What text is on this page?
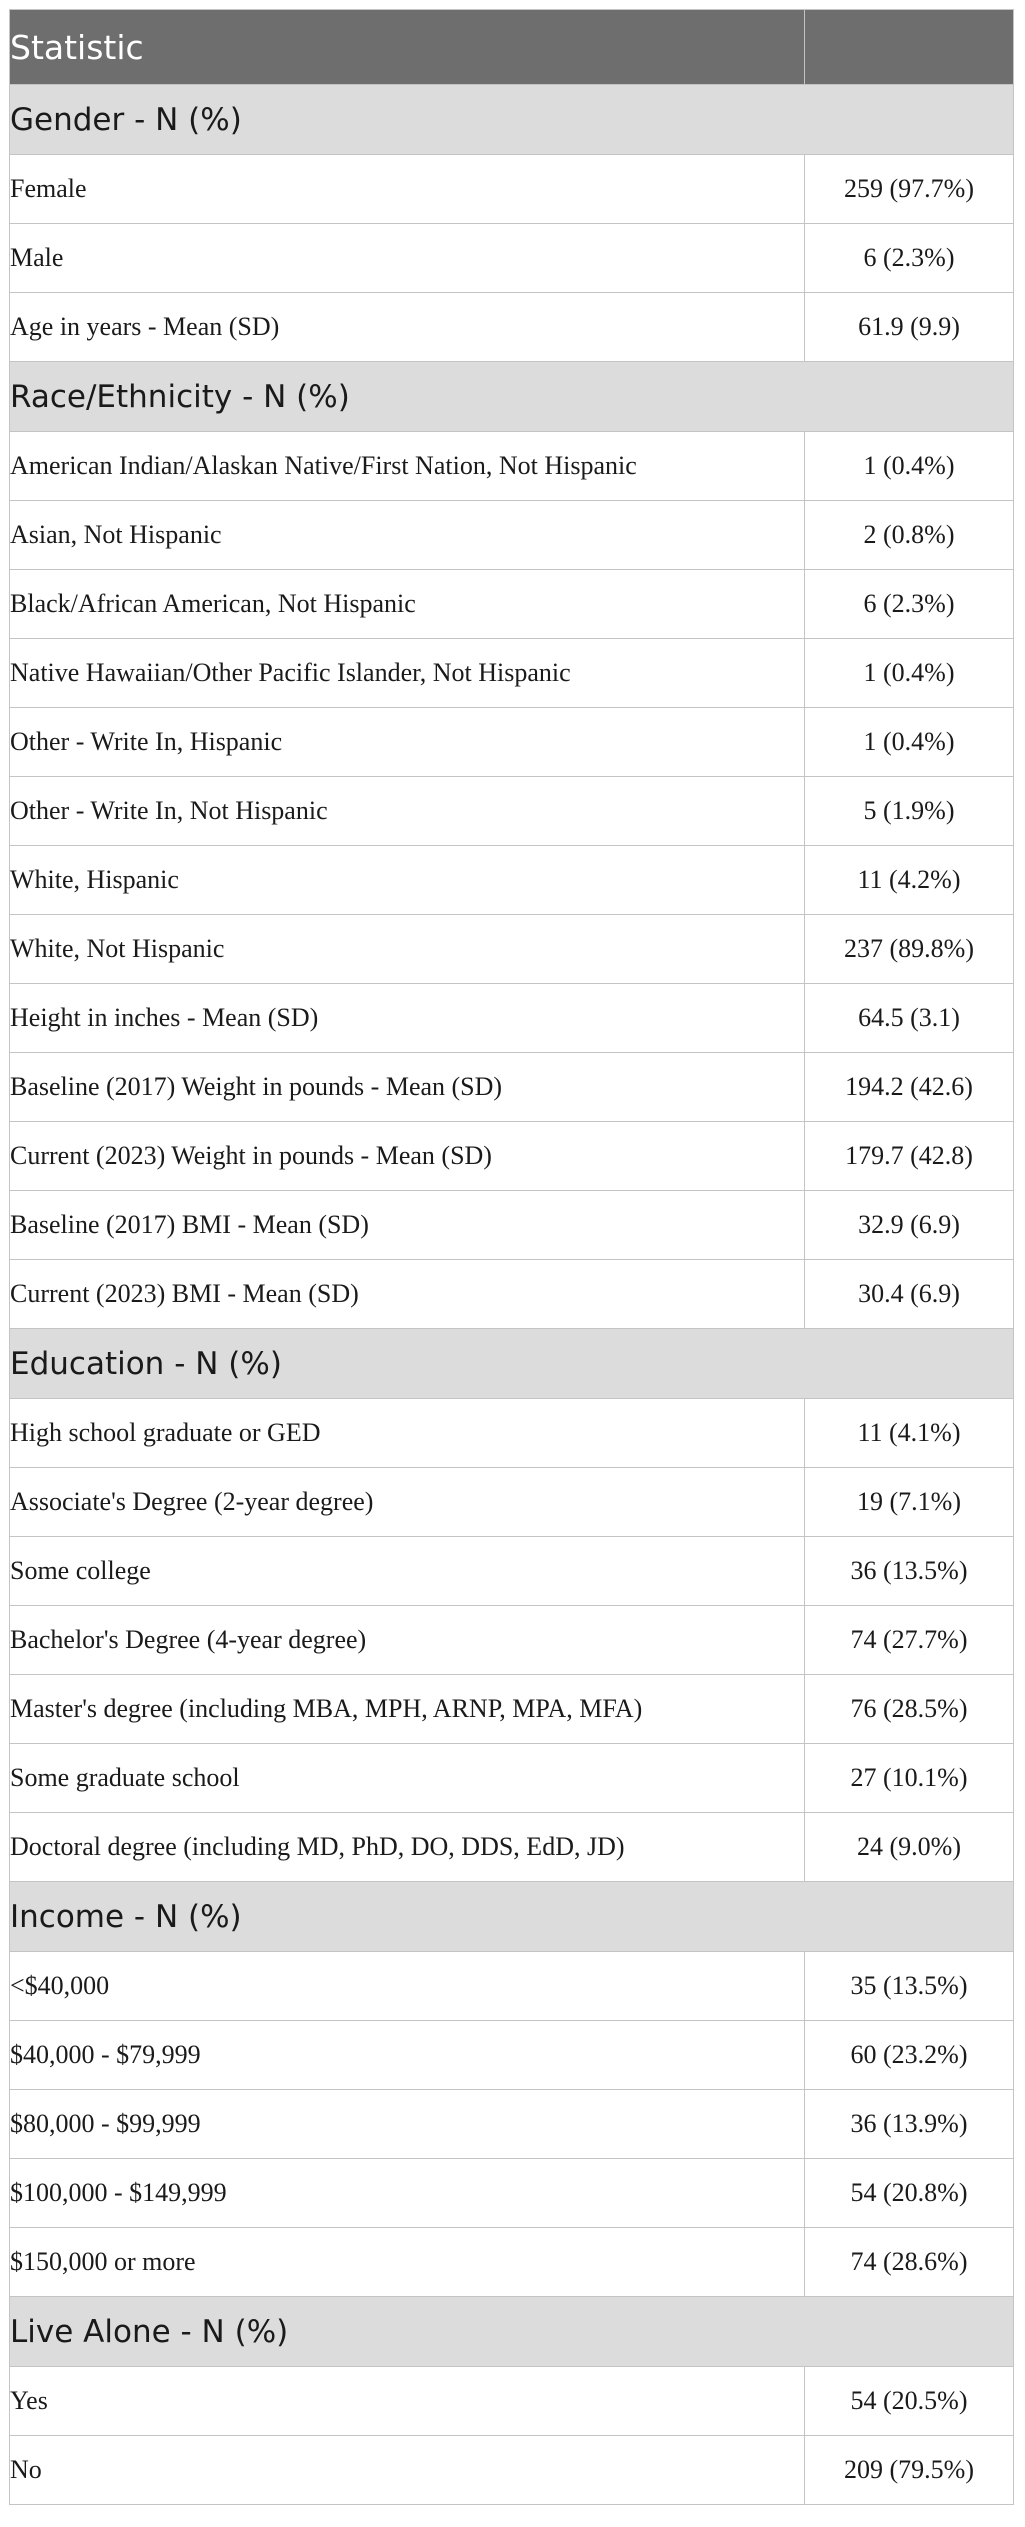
Statistic	
Gender - N (%)	
Female	259 (97.7%)
Male	6 (2.3%)
Age in years - Mean (SD)	61.9 (9.9)
Race/Ethnicity - N (%)	
American Indian/Alaskan Native/First Nation, Not Hispanic	1 (0.4%)
Asian, Not Hispanic	2 (0.8%)
Black/African American, Not Hispanic	6 (2.3%)
Native Hawaiian/Other Pacific Islander, Not Hispanic	1 (0.4%)
Other - Write In, Hispanic	1 (0.4%)
Other - Write In, Not Hispanic	5 (1.9%)
White, Hispanic	11 (4.2%)
White, Not Hispanic	237 (89.8%)
Height in inches - Mean (SD)	64.5 (3.1)
Baseline (2017) Weight in pounds - Mean (SD)	194.2 (42.6)
Current (2023) Weight in pounds - Mean (SD)	179.7 (42.8)
Baseline (2017) BMI - Mean (SD)	32.9 (6.9)
Current (2023) BMI - Mean (SD)	30.4 (6.9)
Education - N (%)	
High school graduate or GED	11 (4.1%)
Associate's Degree (2-year degree)	19 (7.1%)
Some college	36 (13.5%)
Bachelor's Degree (4-year degree)	74 (27.7%)
Master's degree (including MBA, MPH, ARNP, MPA, MFA)	76 (28.5%)
Some graduate school	27 (10.1%)
Doctoral degree (including MD, PhD, DO, DDS, EdD, JD)	24 (9.0%)
Income - N (%)	
<$40,000	35 (13.5%)
$40,000 - $79,999	60 (23.2%)
$80,000 - $99,999	36 (13.9%)
$100,000 - $149,999	54 (20.8%)
$150,000 or more	74 (28.6%)
Live Alone - N (%)	
Yes	54 (20.5%)
No	209 (79.5%)
